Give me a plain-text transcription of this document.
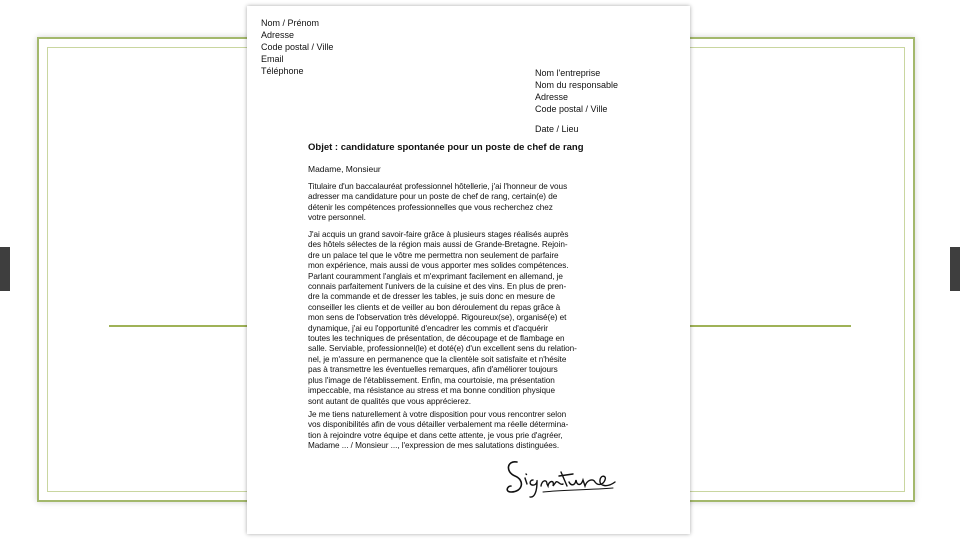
Nom / Prénom
Adresse
Code postal / Ville
Email
Téléphone	Nom l'entreprise
Nom du responsable
Adresse
Code postal / Ville
Date / Lieu
Objet : candidature spontanée pour un poste de chef de rang
Madame, Monsieur
Titulaire d'un baccalauréat professionnel hôtellerie, j'ai l'honneur de vous
adresser ma candidature pour un poste de chef de rang, certain(e) de
détenir les compétences professionnelles que vous recherchez chez
votre personnel.
J'ai acquis un grand savoir-faire grâce à plusieurs stages réalisés auprès
des hôtels sélectes de la région mais aussi de Grande-Bretagne. Rejoin-
dre un palace tel que le vôtre me permettra non seulement de parfaire
mon expérience, mais aussi de vous apporter mes solides compétences.
Parlant couramment l'anglais et m'exprimant facilement en allemand, je
connais parfaitement l'univers de la cuisine et des vins. En plus de pren-
dre la commande et de dresser les tables, je suis donc en mesure de
conseiller les clients et de veiller au bon déroulement du repas grâce à
mon sens de l'observation très développé. Rigoureux(se), organisé(e) et
dynamique, j'ai eu l'opportunité d'encadrer les commis et d'acquérir
toutes les techniques de présentation, de découpage et de flambage en
salle. Serviable, professionnel(le) et doté(e) d'un excellent sens du relation-
nel, je m'assure en permanence que la clientèle soit satisfaite et n'hésite
pas à transmettre les éventuelles remarques, afin d'améliorer toujours
plus l'image de l'établissement. Enfin, ma courtoisie, ma présentation
impeccable, ma résistance au stress et ma bonne condition physique
sont autant de qualités que vous apprécierez.
Je me tiens naturellement à votre disposition pour vous rencontrer selon
vos disponibilités afin de vous détailler verbalement ma réelle détermina-
tion à rejoindre votre équipe et dans cette attente, je vous prie d'agréer,
Madame ... / Monsieur ..., l'expression de mes salutations distinguées.
